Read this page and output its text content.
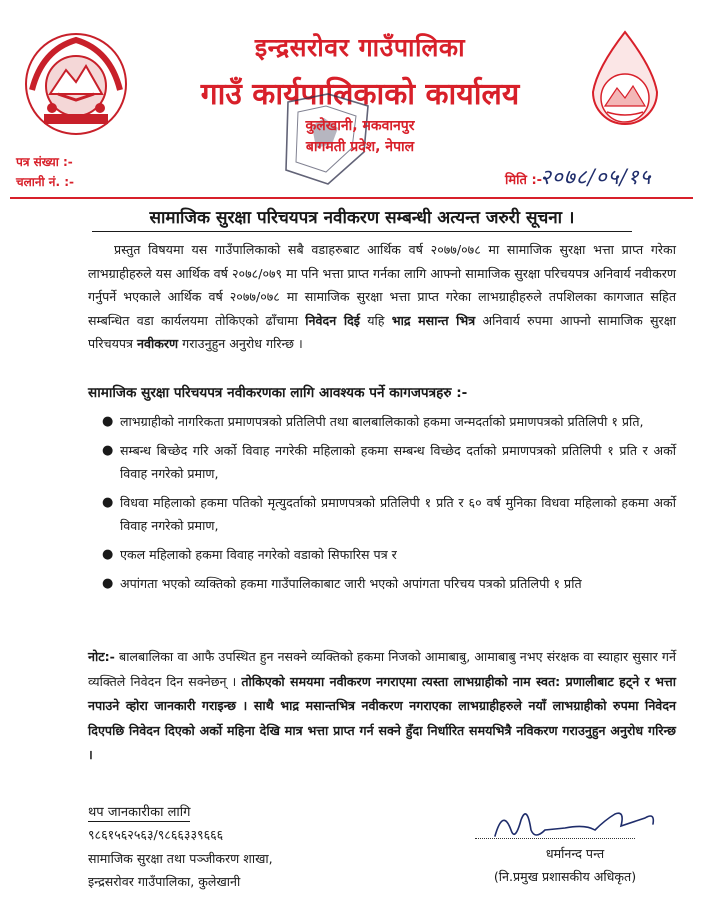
इन्द्रसरोवर गाउँपालिका
गाउँ कार्यपालिकाको कार्यालय
कुलेखानी, मकवानपुर
बागमती प्रदेश, नेपाल
पत्र संख्या :-
चलानी नं. :-	मिति :-
२०७८/०५/१५
सामाजिक सुरक्षा परिचयपत्र नवीकरण सम्बन्धी अत्यन्त जरुरी सूचना ।
प्रस्तुत विषयमा यस गाउँपालिकाको सबै वडाहरुबाट आर्थिक वर्ष २०७७/०७८ मा सामाजिक सुरक्षा भत्ता प्राप्त गरेका लाभग्राहीहरुले यस आर्थिक वर्ष २०७८/०७९ मा पनि भत्ता प्राप्त गर्नका लागि आफ्नो सामाजिक सुरक्षा परिचयपत्र अनिवार्य नवीकरण गर्नुपर्ने भएकाले आर्थिक वर्ष २०७७/०७८ मा सामाजिक सुरक्षा भत्ता प्राप्त गरेका लाभग्राहीहरुले तपशिलका कागजात सहित सम्बन्धित वडा कार्यलयमा तोकिएको ढाँचामा निवेदन दिई यहि भाद्र मसान्त भित्र अनिवार्य रुपमा आफ्नो सामाजिक सुरक्षा परिचयपत्र नवीकरण गराउनुहुन अनुरोध गरिन्छ ।
सामाजिक सुरक्षा परिचयपत्र नवीकरणका लागि आवश्यक पर्ने कागजपत्रहरु :-
● लाभग्राहीको नागरिकता प्रमाणपत्रको प्रतिलिपी तथा बालबालिकाको हकमा जन्मदर्ताको प्रमाणपत्रको प्रतिलिपी १ प्रति,
● सम्बन्ध बिच्छेद गरि अर्को विवाह नगरेकी महिलाको हकमा सम्बन्ध विच्छेद दर्ताको प्रमाणपत्रको प्रतिलिपी १ प्रति र अर्को विवाह नगरेको प्रमाण,
● विधवा महिलाको हकमा पतिको मृत्युदर्ताको प्रमाणपत्रको प्रतिलिपी १ प्रति र ६० वर्ष मुनिका विधवा महिलाको हकमा अर्को विवाह नगरेको प्रमाण,
● एकल महिलाको हकमा विवाह नगरेको वडाको सिफारिस पत्र र
● अपांगता भएको व्यक्तिको हकमा गाउँपालिकाबाट जारी भएको अपांगता परिचय पत्रको प्रतिलिपी १ प्रति
नोट:- बालबालिका वा आफै उपस्थित हुन नसक्ने व्यक्तिको हकमा निजको आमाबाबु, आमाबाबु नभए संरक्षक वा स्याहार सुसार गर्ने व्यक्तिले निवेदन दिन सक्नेछन् । तोकिएको समयमा नवीकरण नगराएमा त्यस्ता लाभग्राहीको नाम स्वत: प्रणालीबाट हट्ने र भत्ता नपाउने व्होरा जानकारी गराइन्छ । साथै भाद्र मसान्तभित्र नवीकरण नगराएका लाभग्राहीहरुले नयाँ लाभग्राहीको रुपमा निवेदन दिएपछि निवेदन दिएको अर्को महिना देखि मात्र भत्ता प्राप्त गर्न सक्ने हुँदा निर्धारित समयभित्रै नविकरण गराउनुहुन अनुरोध गरिन्छ ।
थप जानकारीका लागि
९८६१५६२५६३/९८६६३३९६६६
सामाजिक सुरक्षा तथा पञ्जीकरण शाखा,
इन्द्रसरोवर गाउँपालिका, कुलेखानी
धर्मानन्द पन्त
(नि.प्रमुख प्रशासकीय अधिकृत)
